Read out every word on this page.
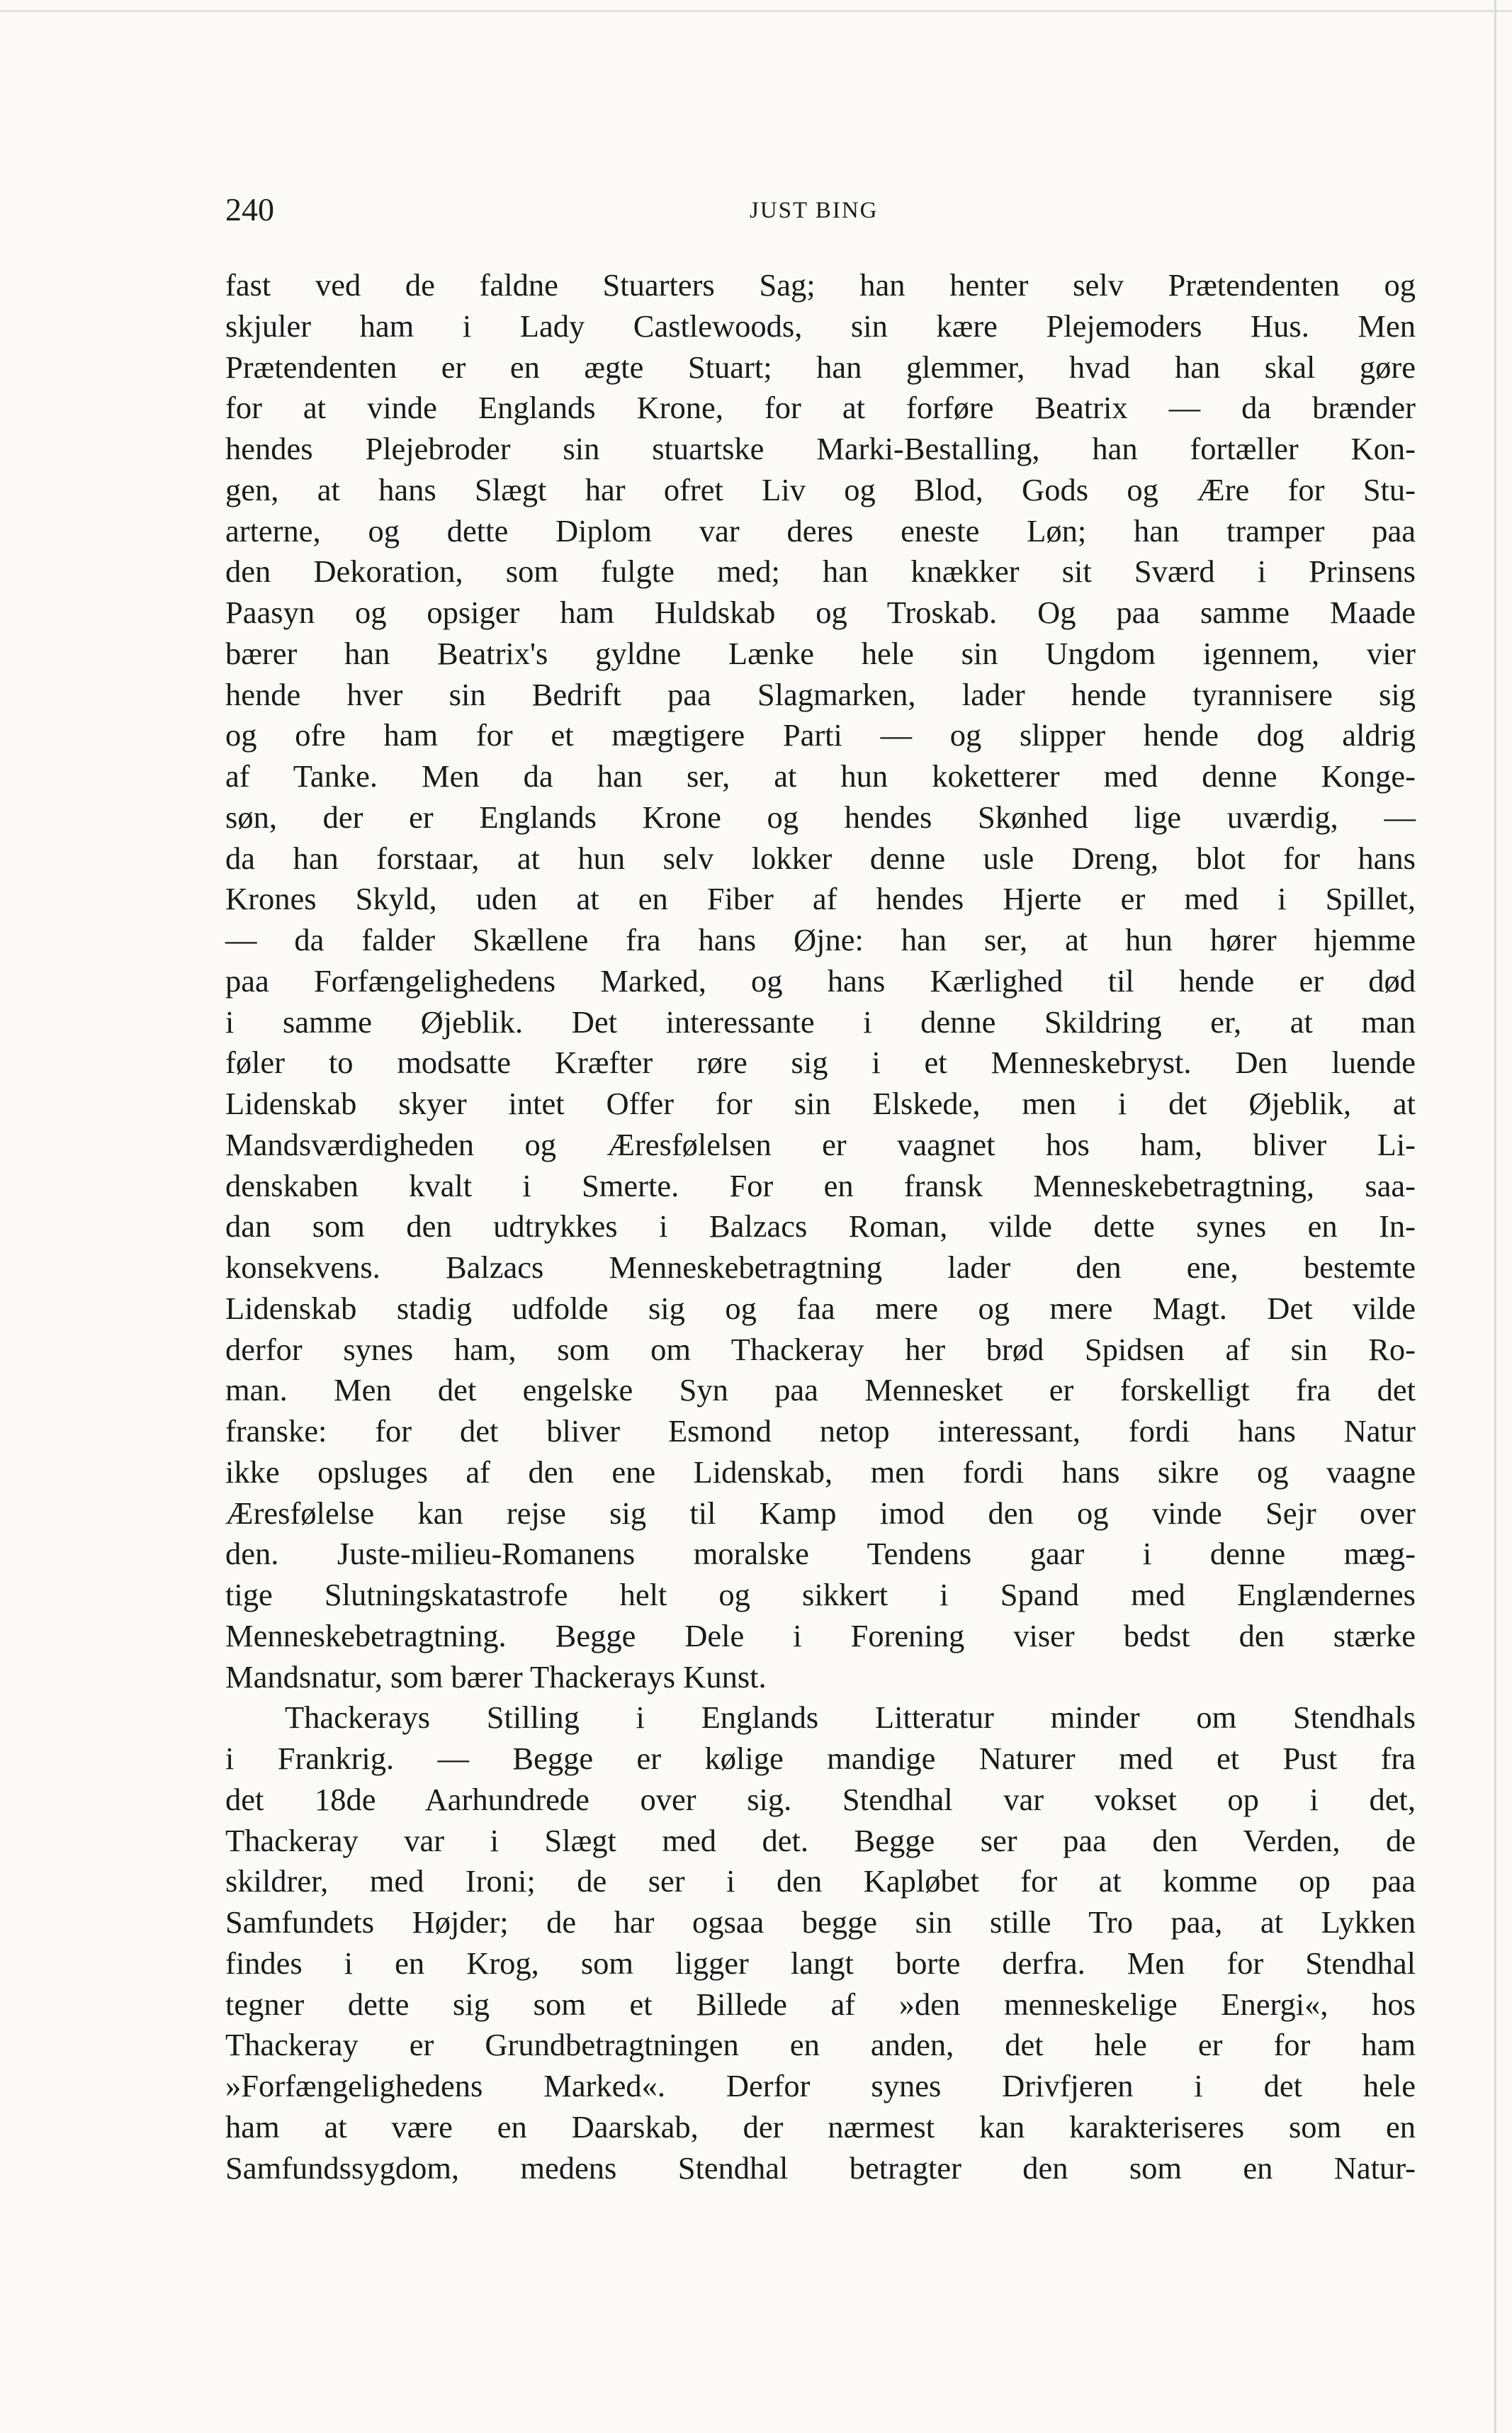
240	JUST BING
fast ved de faldne Stuarters Sag; han henter selv Prætendenten og
skjuler ham i Lady Castlewoods, sin kære Plejemoders Hus. Men
Prætendenten er en ægte Stuart; han glemmer, hvad han skal gøre
for at vinde Englands Krone, for at forføre Beatrix — da brænder
hendes Plejebroder sin stuartske Marki-Bestalling, han fortæller Kon-
gen, at hans Slægt har ofret Liv og Blod, Gods og Ære for Stu-
arterne, og dette Diplom var deres eneste Løn; han tramper paa
den Dekoration, som fulgte med; han knækker sit Sværd i Prinsens
Paasyn og opsiger ham Huldskab og Troskab. Og paa samme Maade
bærer han Beatrix's gyldne Lænke hele sin Ungdom igennem, vier
hende hver sin Bedrift paa Slagmarken, lader hende tyrannisere sig
og ofre ham for et mægtigere Parti — og slipper hende dog aldrig
af Tanke. Men da han ser, at hun koketterer med denne Konge-
søn, der er Englands Krone og hendes Skønhed lige uværdig, —
da han forstaar, at hun selv lokker denne usle Dreng, blot for hans
Krones Skyld, uden at en Fiber af hendes Hjerte er med i Spillet,
— da falder Skællene fra hans Øjne: han ser, at hun hører hjemme
paa Forfængelighedens Marked, og hans Kærlighed til hende er død
i samme Øjeblik. Det interessante i denne Skildring er, at man
føler to modsatte Kræfter røre sig i et Menneskebryst. Den luende
Lidenskab skyer intet Offer for sin Elskede, men i det Øjeblik, at
Mandsværdigheden og Æresfølelsen er vaagnet hos ham, bliver Li-
denskaben kvalt i Smerte. For en fransk Menneskebetragtning, saa-
dan som den udtrykkes i Balzacs Roman, vilde dette synes en In-
konsekvens. Balzacs Menneskebetragtning lader den ene, bestemte
Lidenskab stadig udfolde sig og faa mere og mere Magt. Det vilde
derfor synes ham, som om Thackeray her brød Spidsen af sin Ro-
man. Men det engelske Syn paa Mennesket er forskelligt fra det
franske: for det bliver Esmond netop interessant, fordi hans Natur
ikke opsluges af den ene Lidenskab, men fordi hans sikre og vaagne
Æresfølelse kan rejse sig til Kamp imod den og vinde Sejr over
den. Juste-milieu-Romanens moralske Tendens gaar i denne mæg-
tige Slutningskatastrofe helt og sikkert i Spand med Englændernes
Menneskebetragtning. Begge Dele i Forening viser bedst den stærke
Mandsnatur, som bærer Thackerays Kunst.
Thackerays Stilling i Englands Litteratur minder om Stendhals
i Frankrig. — Begge er kølige mandige Naturer med et Pust fra
det 18de Aarhundrede over sig. Stendhal var vokset op i det,
Thackeray var i Slægt med det. Begge ser paa den Verden, de
skildrer, med Ironi; de ser i den Kapløbet for at komme op paa
Samfundets Højder; de har ogsaa begge sin stille Tro paa, at Lykken
findes i en Krog, som ligger langt borte derfra. Men for Stendhal
tegner dette sig som et Billede af »den menneskelige Energi«, hos
Thackeray er Grundbetragtningen en anden, det hele er for ham
»Forfængelighedens Marked«. Derfor synes Drivfjeren i det hele
ham at være en Daarskab, der nærmest kan karakteriseres som en
Samfundssygdom, medens Stendhal betragter den som en Natur-
